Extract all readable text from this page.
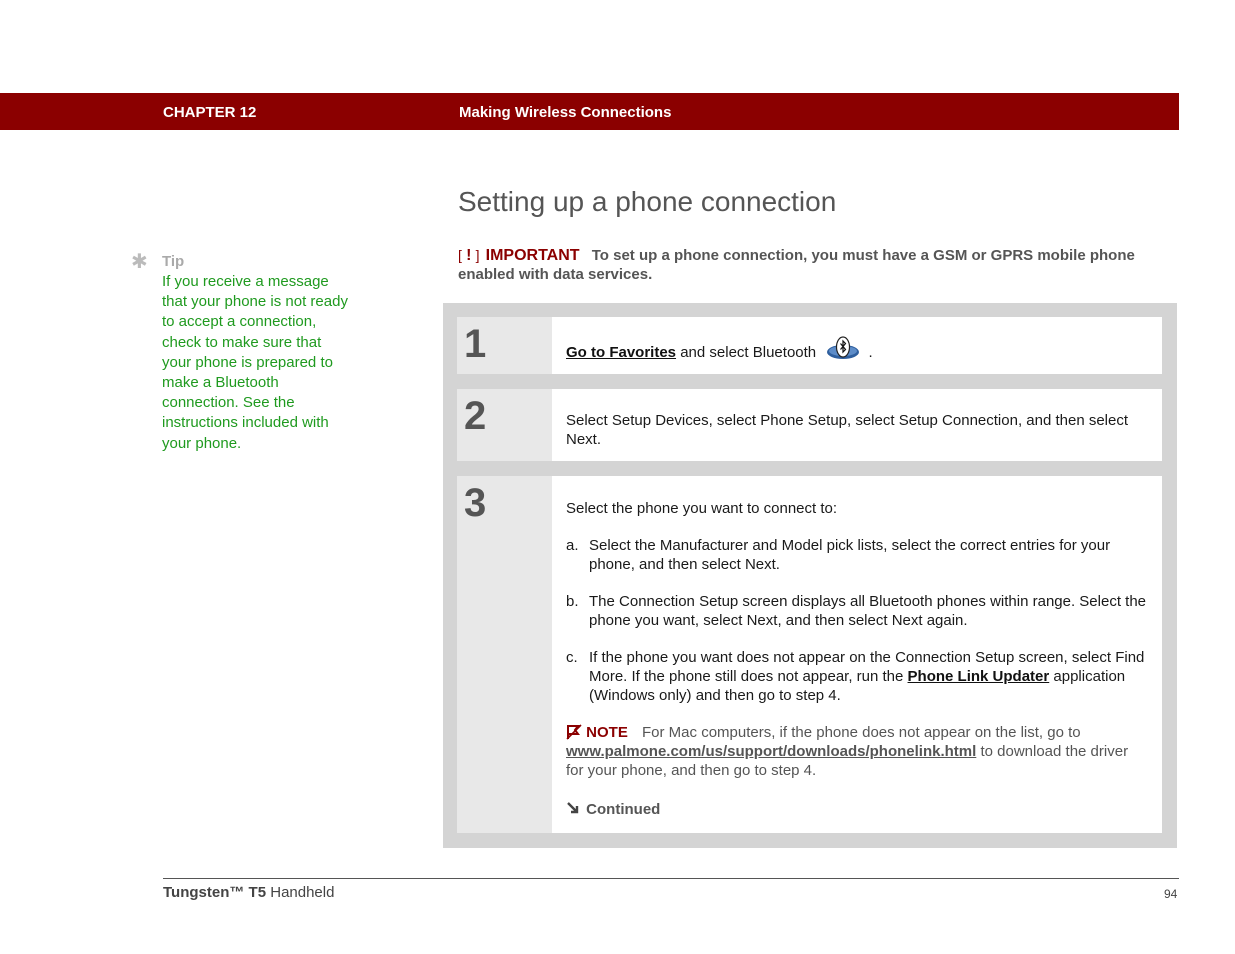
CHAPTER 12	Making Wireless Connections
Setting up a phone connection
✱ Tip
If you receive a message that your phone is not ready to accept a connection, check to make sure that your phone is prepared to make a Bluetooth connection. See the instructions included with your phone.
[ ! ] IMPORTANT To set up a phone connection, you must have a GSM or GPRS mobile phone enabled with data services.
1	Go to Favorites and select Bluetooth	.
2	Select Setup Devices, select Phone Setup, select Setup Connection, and then select Next.
3	Select the phone you want to connect to:

a. Select the Manufacturer and Model pick lists, select the correct entries for your phone, and then select Next.
b. The Connection Setup screen displays all Bluetooth phones within range. Select the phone you want, select Next, and then select Next again.
c. If the phone you want does not appear on the Connection Setup screen, select Find More. If the phone still does not appear, run the Phone Link Updater application (Windows only) and then go to step 4.
NOTE For Mac computers, if the phone does not appear on the list, go to www.palmone.com/us/support/downloads/phonelink.html to download the driver for your phone, and then go to step 4.
Continued
Tungsten™ T5 Handheld	94
